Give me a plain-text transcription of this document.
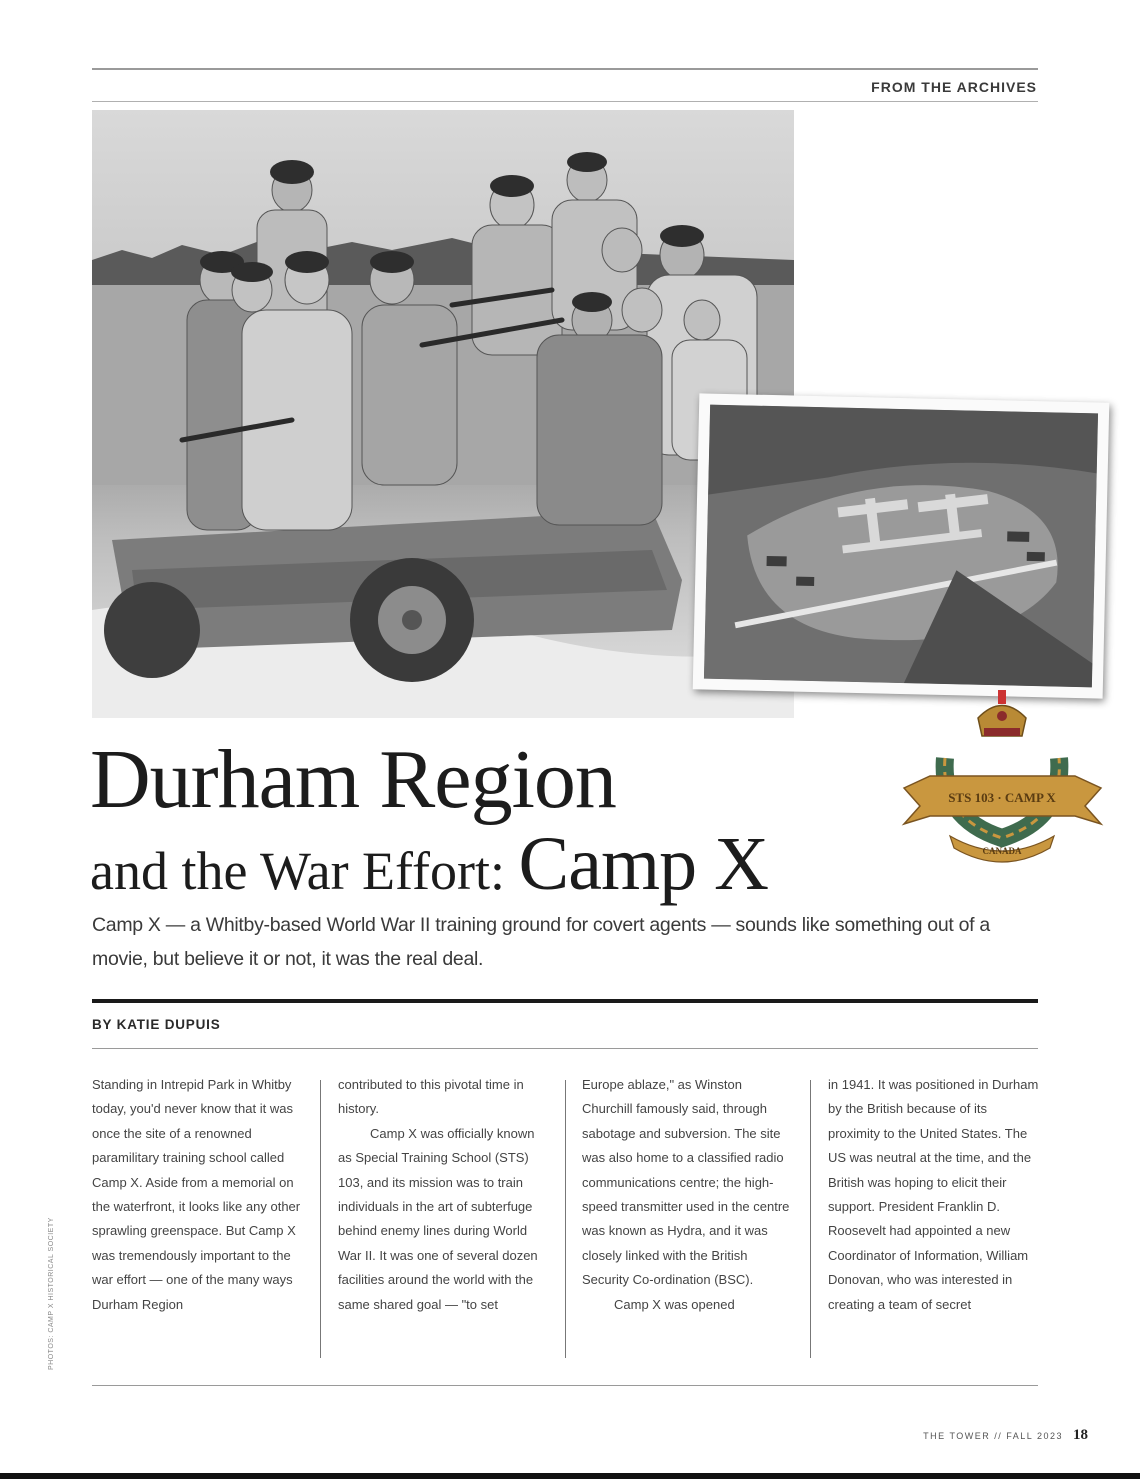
FROM THE ARCHIVES
STS 103 · CAMP X
CANADA
Durham Region
and the War Effort: Camp X
Camp X — a Whitby-based World War II training ground for covert agents — sounds like something out of a movie, but believe it or not, it was the real deal.
BY KATIE DUPUIS

Standing in Intrepid Park in Whitby today, you'd never know that it was once the site of a renowned paramilitary training school called Camp X. Aside from a memorial on the waterfront, it looks like any other sprawling greenspace. But Camp X was tremendously important to the war effort — one of the many ways Durham Region

contributed to this pivotal time in history.

Camp X was officially known as Special Training School (STS) 103, and its mission was to train individuals in the art of subterfuge behind enemy lines during World War II. It was one of several dozen facilities around the world with the same shared goal — "to set

Europe ablaze," as Winston Churchill famously said, through sabotage and subversion. The site was also home to a classified radio communications centre; the high-speed transmitter used in the centre was known as Hydra, and it was closely linked with the British Security Co-ordination (BSC).

Camp X was opened

in 1941. It was positioned in Durham by the British because of its proximity to the United States. The US was neutral at the time, and the British was hoping to elicit their support. President Franklin D. Roosevelt had appointed a new Coordinator of Information, William Donovan, who was interested in creating a team of secret

PHOTOS: CAMP X HISTORICAL SOCIETY
THE TOWER // FALL 2023 18
